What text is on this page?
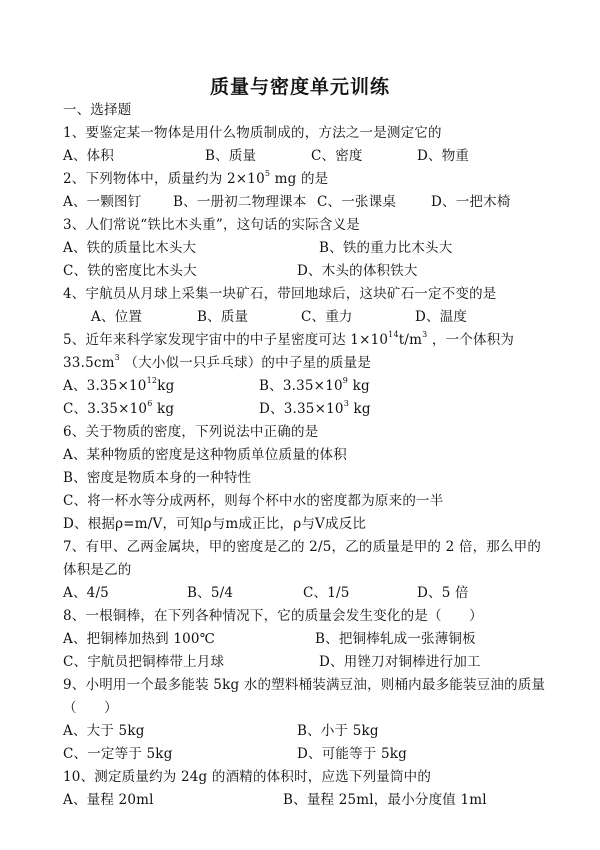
质量与密度单元训练
一、选择题
1、要鉴定某一物体是用什么物质制成的，方法之一是测定它的
A、体积	B、质量	C、密度	D、物重
2、下列物体中，质量约为 $2\times 10^5$ mg 的是
A、一颗图钉 B、一册初二物理课本 C、一张课桌	D、一把木椅
3、人们常说“铁比木头重”，这句话的实际含义是
A、铁的质量比木头大	B、铁的重力比木头大
C、铁的密度比木头大	D、木头的体积铁大
4、宇航员从月球上采集一块矿石，带回地球后，这块矿石一定不变的是
A、位置	B、质量	C、重力	D、温度
5、近年来科学家发现宇宙中的中子星密度可达 $1\times 10^{14}t/m^3$ ，一个体积为
$33.5cm^3$ （大小似一只乒乓球）的中子星的质量是
A、$3.35\times 10^{12}kg$	B、$3.35\times 10^9$ kg
C、$3.35\times 10^6$ kg	D、$3.35\times 10^3$ kg
6、关于物质的密度，下列说法中正确的是
A、某种物质的密度是这种物质单位质量的体积
B、密度是物质本身的一种特性
C、将一杯水等分成两杯，则每个杯中水的密度都为原来的一半
D、根据ρ=m/V，可知ρ与m成正比，ρ与V成反比
7、有甲、乙两金属块，甲的密度是乙的 2/5，乙的质量是甲的 2 倍，那么甲的
体积是乙的
A、4/5	B、5/4	C、1/5	D、5 倍
8、一根铜棒，在下列各种情况下，它的质量会发生变化的是（　　）
A、把铜棒加热到 100℃	B、把铜棒轧成一张薄铜板
C、宇航员把铜棒带上月球	D、用锉刀对铜棒进行加工
9、小明用一个最多能装 5kg 水的塑料桶装满豆油，则桶内最多能装豆油的质量
（　　）
A、大于 5kg	B、小于 5kg
C、一定等于 5kg	D、可能等于 5kg
10、测定质量约为 24g 的酒精的体积时，应选下列量筒中的
A、量程 20ml	B、量程 25ml，最小分度值 1ml
